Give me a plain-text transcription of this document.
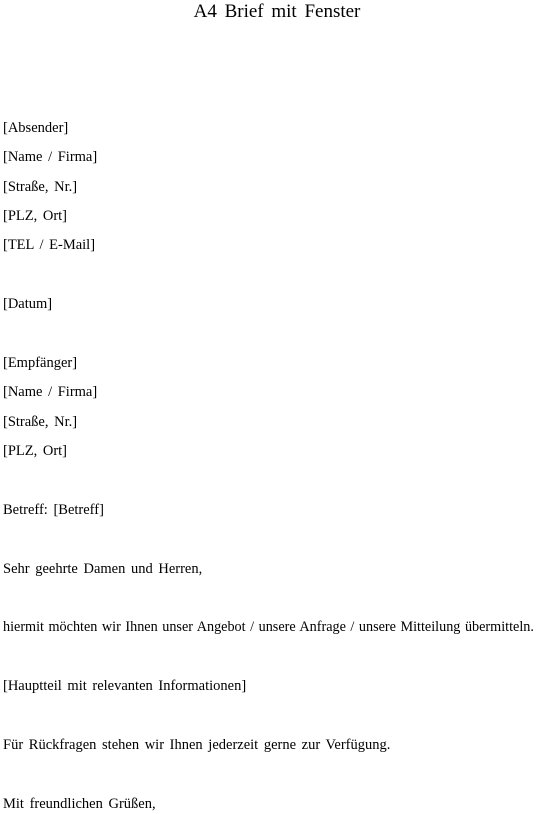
A4 Brief mit Fenster
[Absender]
[Name / Firma]
[Straße, Nr.]
[PLZ, Ort]
[TEL / E-Mail]
[Datum]
[Empfänger]
[Name / Firma]
[Straße, Nr.]
[PLZ, Ort]
Betreff: [Betreff]
Sehr geehrte Damen und Herren,
hiermit möchten wir Ihnen unser Angebot / unsere Anfrage / unsere Mitteilung übermitteln.
[Hauptteil mit relevanten Informationen]
Für Rückfragen stehen wir Ihnen jederzeit gerne zur Verfügung.
Mit freundlichen Grüßen,
